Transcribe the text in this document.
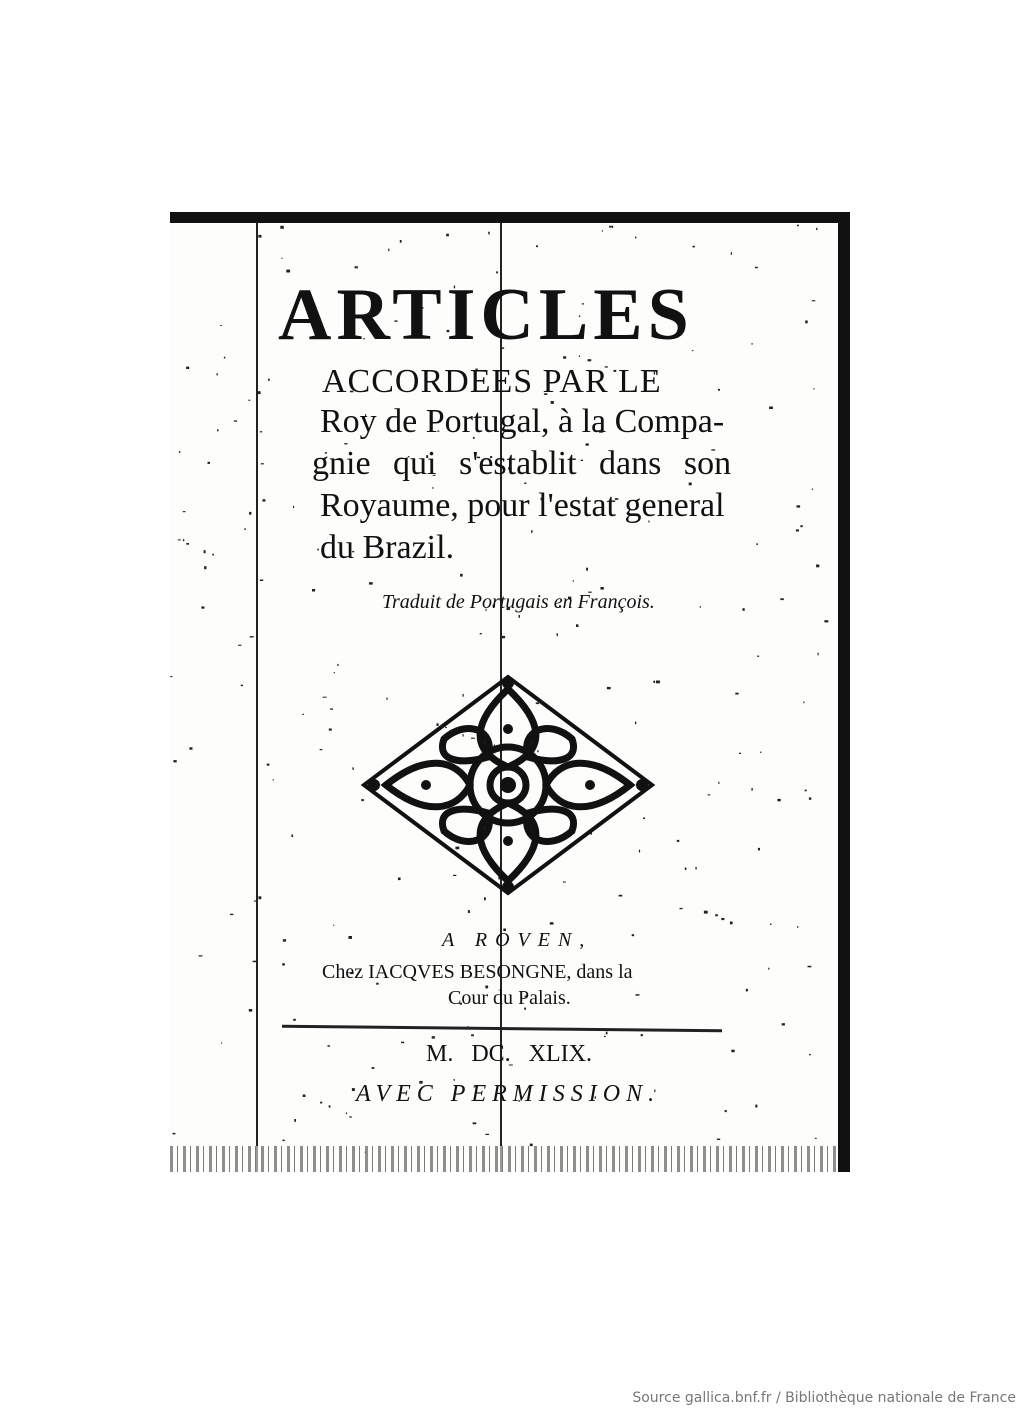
ARTICLES
ACCORDEES PAR LE
Roy de Portugal, à la Compa-
gnie qui s'establit dans son
Royaume, pour l'estat general
du Brazil.
Traduit de Portugais en François.
A ROVEN,
Chez IACQVES BESONGNE, dans la
Cour du Palais.
M. DC. XLIX.
AVEC PERMISSION.
Source gallica.bnf.fr / Bibliothèque nationale de France
